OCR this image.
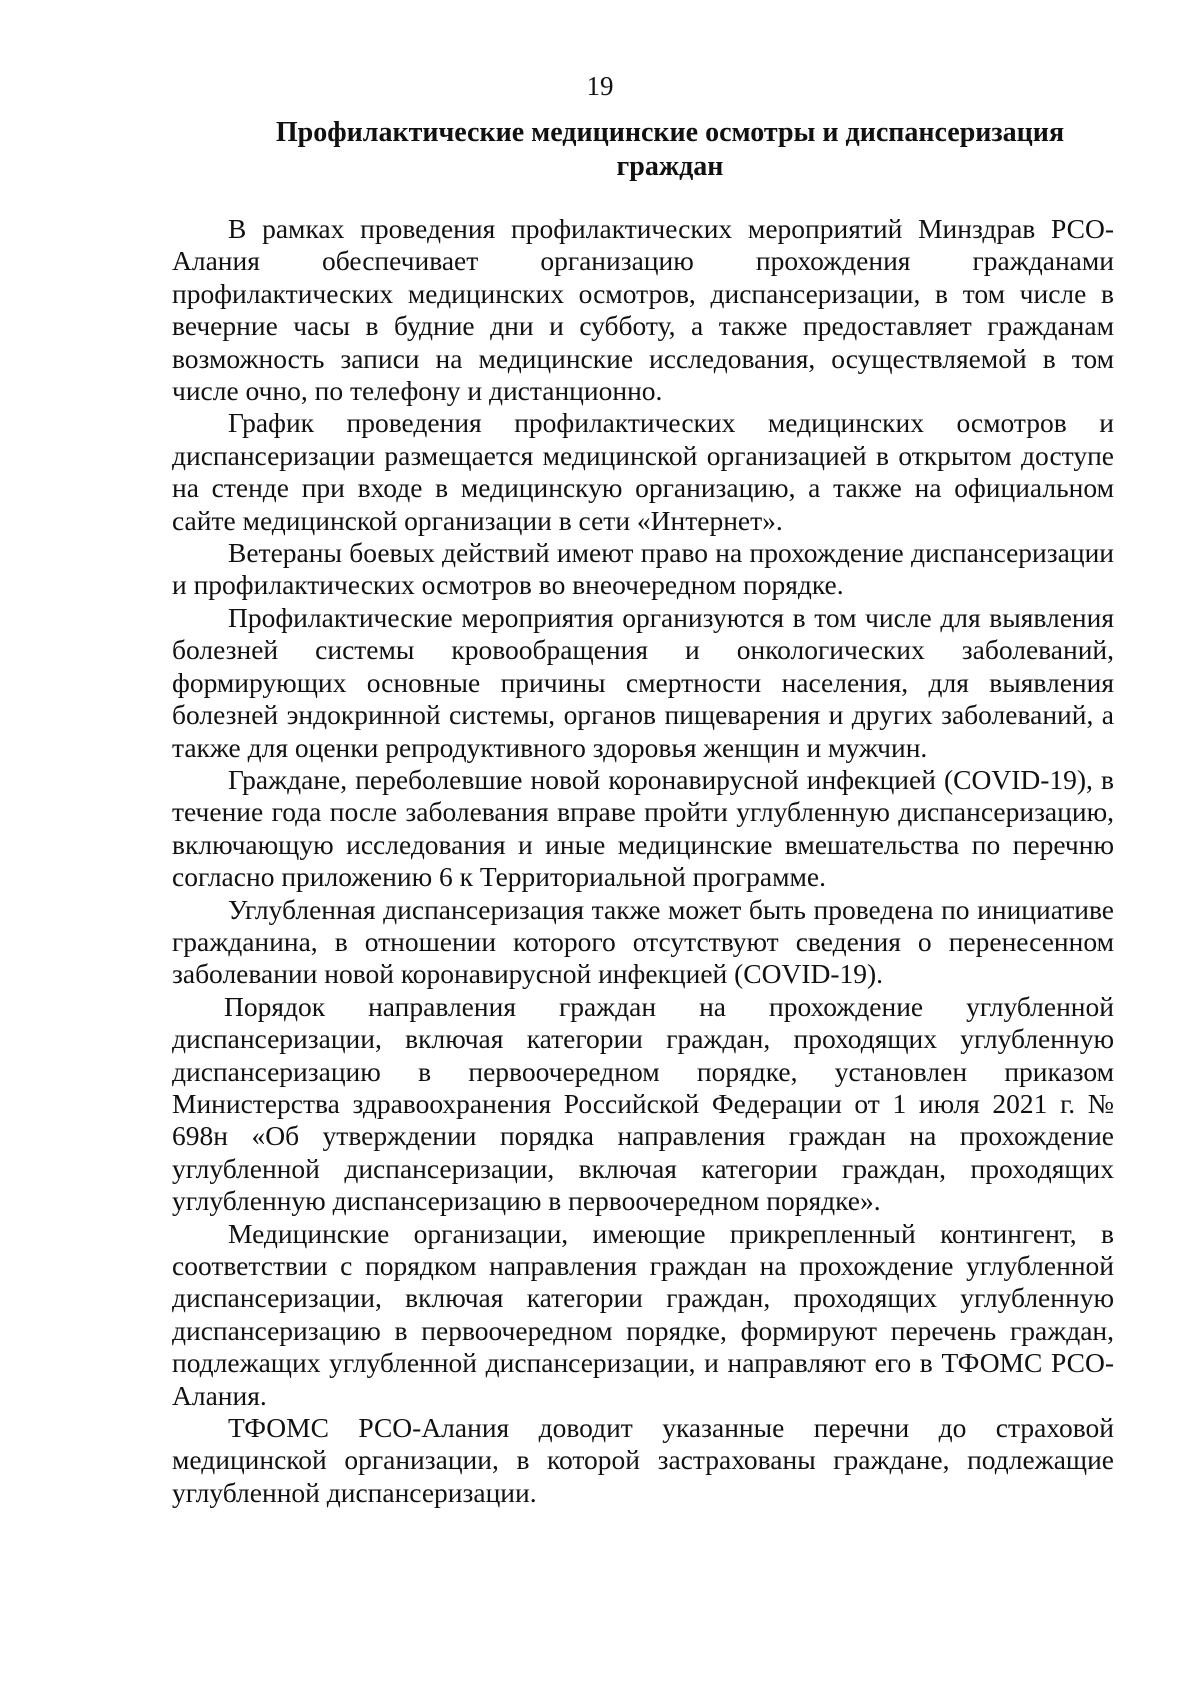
19
Профилактические медицинские осмотры и диспансеризация граждан

В рамках проведения профилактических мероприятий Минздрав РСО-Алания обеспечивает организацию прохождения гражданами профилактических медицинских осмотров, диспансеризации, в том числе в вечерние часы в будние дни и субботу, а также предоставляет гражданам возможность записи на медицинские исследования, осуществляемой в том числе очно, по телефону и дистанционно.

График проведения профилактических медицинских осмотров и диспансеризации размещается медицинской организацией в открытом доступе на стенде при входе в медицинскую организацию, а также на официальном сайте медицинской организации в сети «Интернет».

Ветераны боевых действий имеют право на прохождение диспансеризации и профилактических осмотров во внеочередном порядке.

Профилактические мероприятия организуются в том числе для выявления болезней системы кровообращения и онкологических заболеваний, формирующих основные причины смертности населения, для выявления болезней эндокринной системы, органов пищеварения и других заболеваний, а также для оценки репродуктивного здоровья женщин и мужчин.

Граждане, переболевшие новой коронавирусной инфекцией (COVID-19), в течение года после заболевания вправе пройти углубленную диспансеризацию, включающую исследования и иные медицинские вмешательства по перечню согласно приложению 6 к Территориальной программе.

Углубленная диспансеризация также может быть проведена по инициативе гражданина, в отношении которого отсутствуют сведения о перенесенном заболевании новой коронавирусной инфекцией (COVID-19).

Порядок направления граждан на прохождение углубленной диспансеризации, включая категории граждан, проходящих углубленную диспансеризацию в первоочередном порядке, установлен приказом Министерства здравоохранения Российской Федерации от 1 июля 2021 г. № 698н «Об утверждении порядка направления граждан на прохождение углубленной диспансеризации, включая категории граждан, проходящих углубленную диспансеризацию в первоочередном порядке».

Медицинские организации, имеющие прикрепленный контингент, в соответствии с порядком направления граждан на прохождение углубленной диспансеризации, включая категории граждан, проходящих углубленную диспансеризацию в первоочередном порядке, формируют перечень граждан, подлежащих углубленной диспансеризации, и направляют его в ТФОМС РСО-Алания.

ТФОМС РСО-Алания доводит указанные перечни до страховой медицинской организации, в которой застрахованы граждане, подлежащие углубленной диспансеризации.
